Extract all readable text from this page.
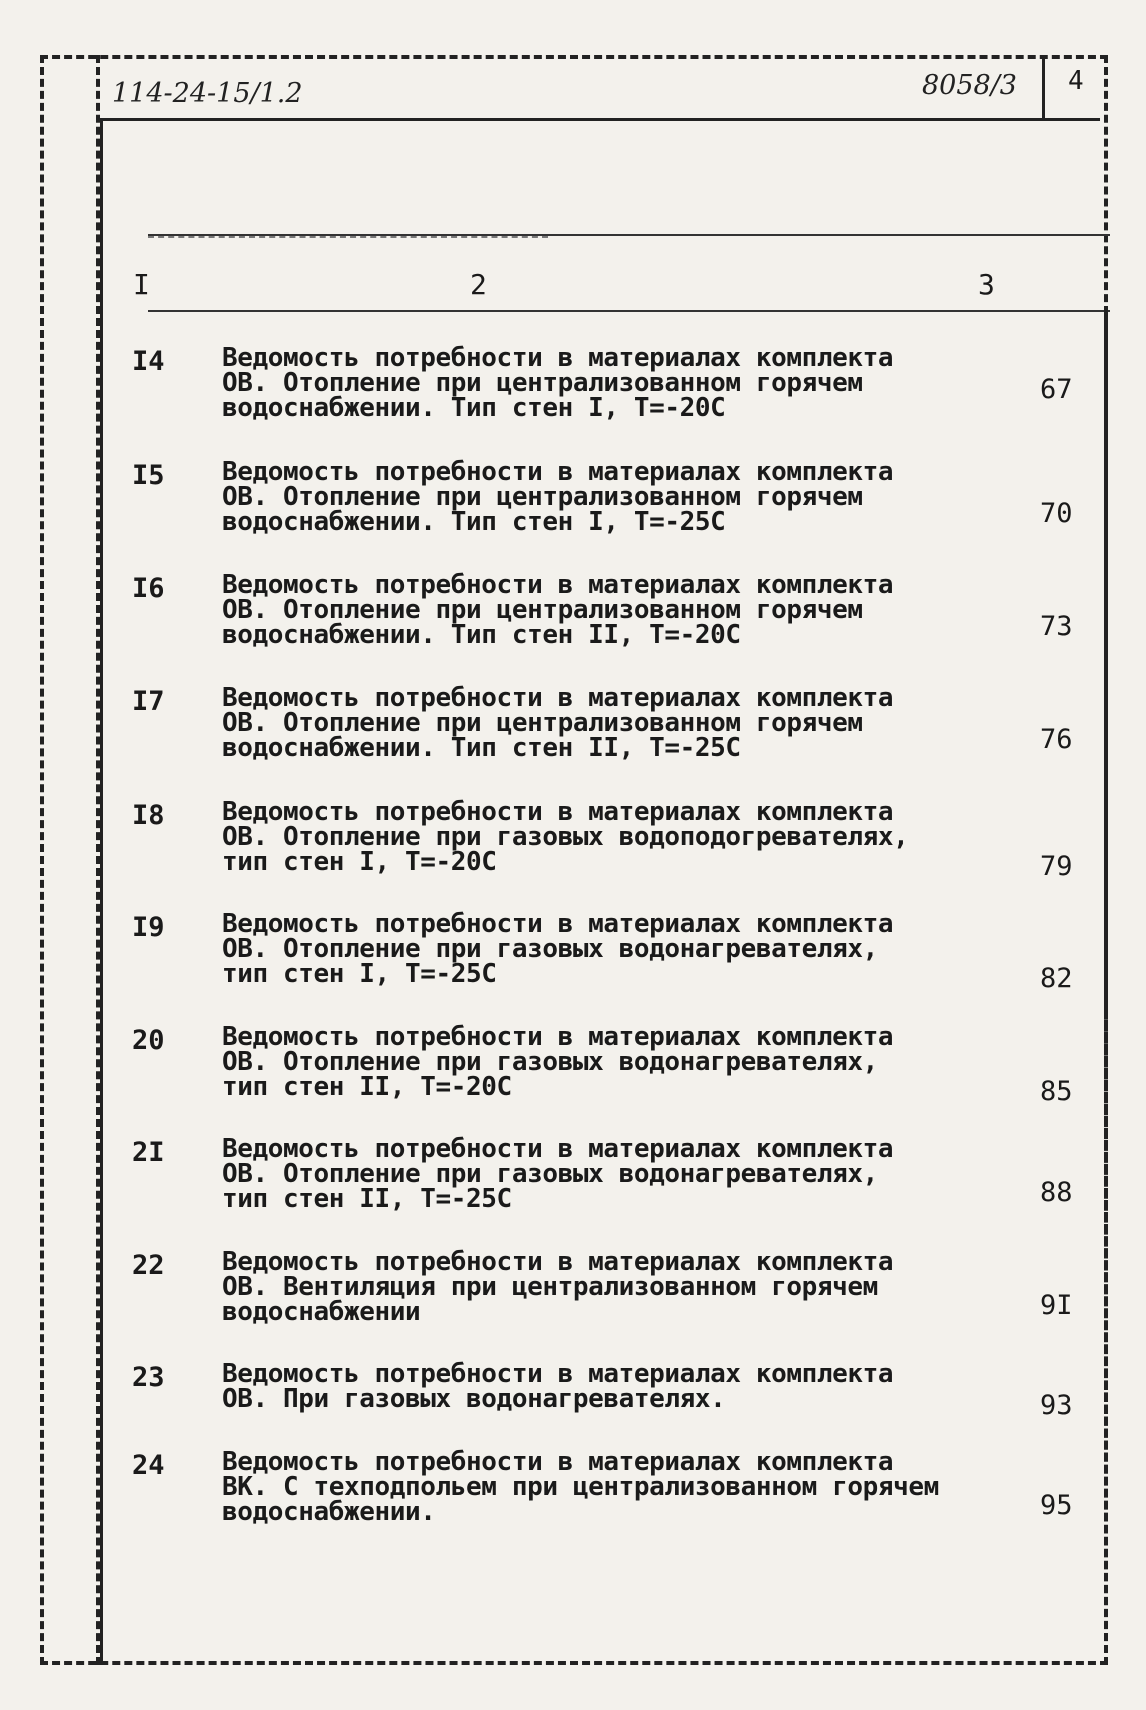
4
114-24-15/1.2	8058/3
I	2	3
I4 Ведомость потребности в материалах комплекта
ОВ. Отопление при централизованном горячем
водоснабжении. Тип стен I, Т=-20С
67
I5 Ведомость потребности в материалах комплекта
ОВ. Отопление при централизованном горячем
водоснабжении. Тип стен I, Т=-25С	70
I6 Ведомость потребности в материалах комплекта
ОВ. Отопление при централизованном горячем
водоснабжении. Тип стен II, Т=-20С	73
I7 Ведомость потребности в материалах комплекта
ОВ. Отопление при централизованном горячем
водоснабжении. Тип стен II, Т=-25С	76
I8 Ведомость потребности в материалах комплекта
ОВ. Отопление при газовых водоподогревателях,
тип стен I, Т=-20С	79
I9 Ведомость потребности в материалах комплекта
ОВ. Отопление при газовых водонагревателях,
тип стен I, Т=-25С	82
20 Ведомость потребности в материалах комплекта
ОВ. Отопление при газовых водонагревателях,
тип стен II, Т=-20С	85
2I Ведомость потребности в материалах комплекта
ОВ. Отопление при газовых водонагревателях,
тип стен II, Т=-25С	88
22 Ведомость потребности в материалах комплекта
ОВ. Вентиляция при централизованном горячем
водоснабжении	9I
23 Ведомость потребности в материалах комплекта
ОВ. При газовых водонагревателях.	93
24 Ведомость потребности в материалах комплекта
ВК. С техподпольем при централизованном горячем
водоснабжении.	95
